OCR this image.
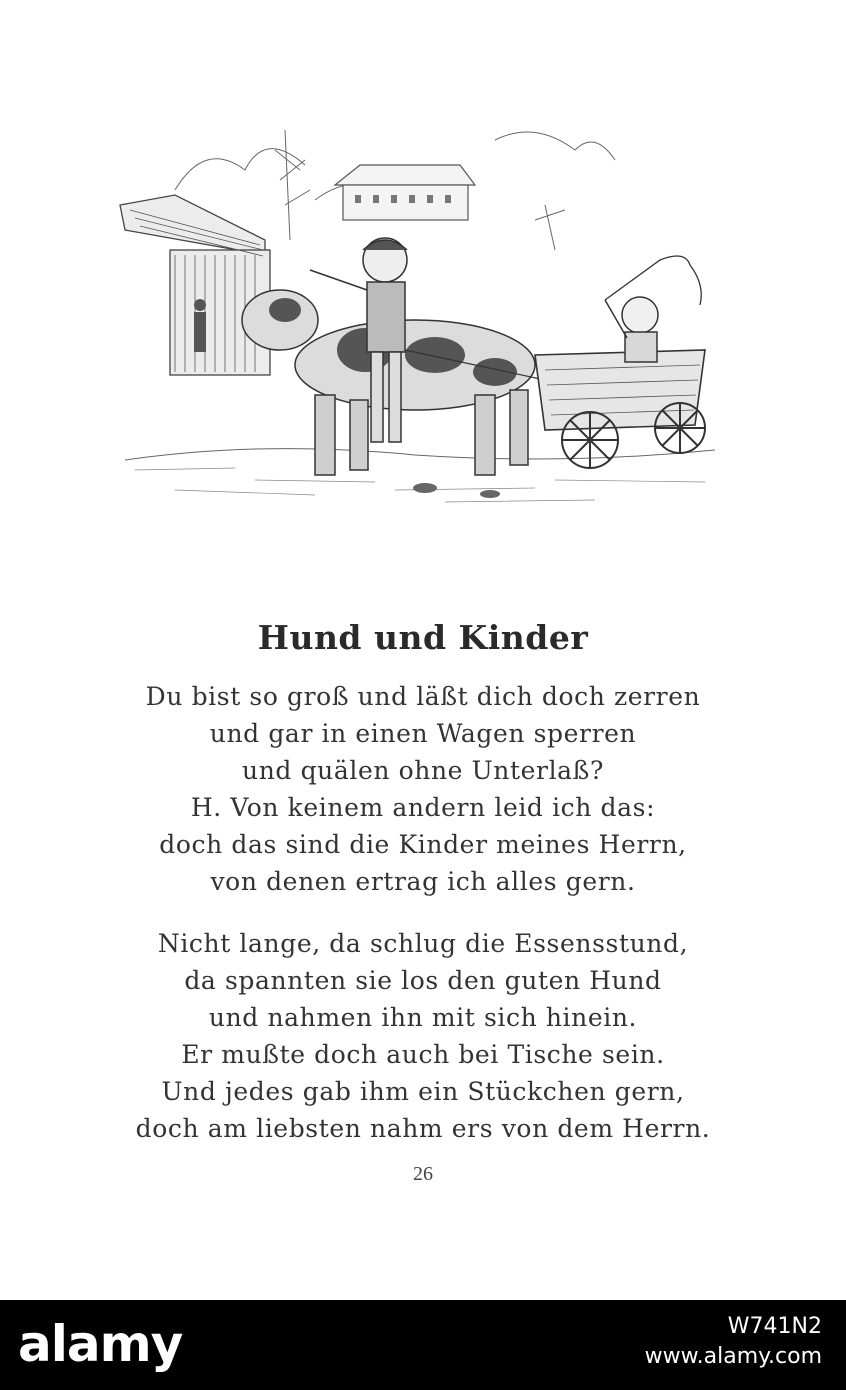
Hund und Kinder
Du bist so groß und läßt dich doch zerren
und gar in einen Wagen sperren
und quälen ohne Unterlaß?
H. Von keinem andern leid ich das:
doch das sind die Kinder meines Herrn,
von denen ertrag ich alles gern.
Nicht lange, da schlug die Essensstund,
da spannten sie los den guten Hund
und nahmen ihn mit sich hinein.
Er mußte doch auch bei Tische sein.
Und jedes gab ihm ein Stückchen gern,
doch am liebsten nahm ers von dem Herrn.
26
alamy	W741N2
www.alamy.com
